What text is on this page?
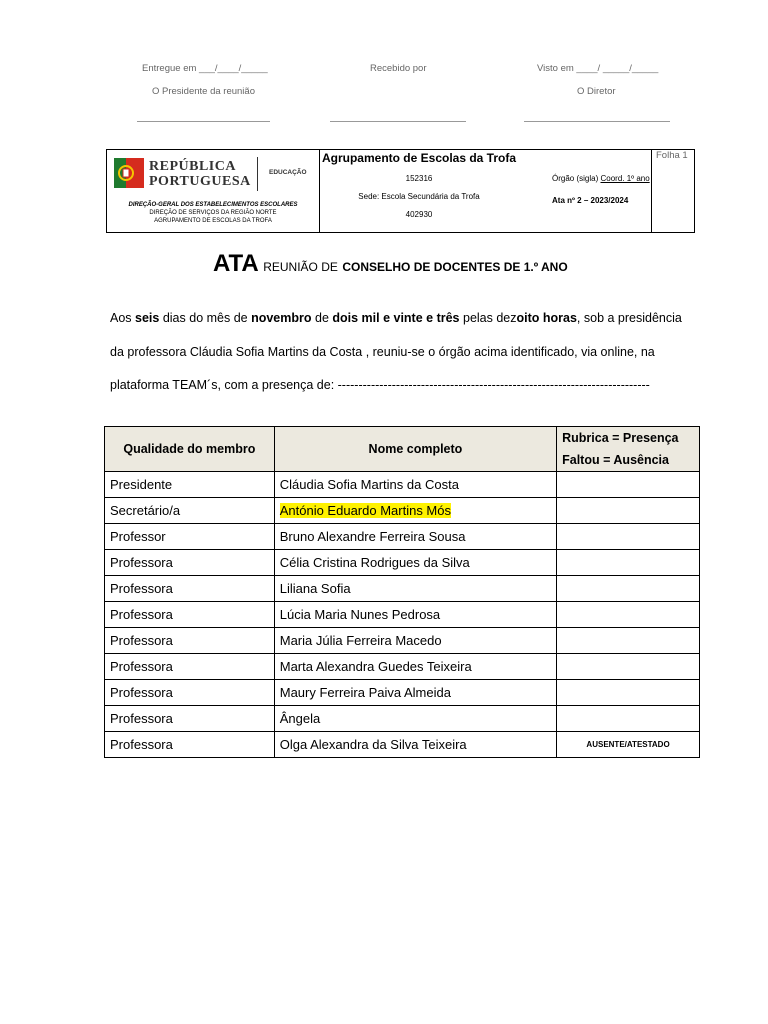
Entregue em ___/____/_____	Recebido por	Visto em ____/ _____/_____
O Presidente da reunião	O Diretor
REPÚBLICA
PORTUGUESA
EDUCAÇÃO
DIREÇÃO-GERAL DOS ESTABELECIMENTOS ESCOLARES
DIREÇÃO DE SERVIÇOS DA REGIÃO NORTE
AGRUPAMENTO DE ESCOLAS DA TROFA
Agrupamento de Escolas da Trofa
152316
Sede: Escola Secundária da Trofa
402930
Órgão (sigla) Coord. 1º ano
Ata nº 2 – 2023/2024
Folha 1
ATA REUNIÃO DE CONSELHO DE DOCENTES DE 1.º ANO
Aos seis dias do mês de novembro de dois mil e vinte e três pelas dezoito horas, sob a presidência
da professora Cláudia Sofia Martins da Costa , reuniu-se o órgão acima identificado, via online, na
plataforma TEAM´s, com a presença de: ---------------------------------------------------------------------------
Qualidade do membro	Nome completo	Rubrica = Presença
Faltou = Ausência

Presidente	Cláudia Sofia Martins da Costa	
Secretário/a	António Eduardo Martins Mós	
Professor	Bruno Alexandre Ferreira Sousa	
Professora	Célia Cristina Rodrigues da Silva	
Professora	Liliana Sofia	
Professora	Lúcia Maria Nunes Pedrosa	
Professora	Maria Júlia Ferreira Macedo	
Professora	Marta Alexandra Guedes Teixeira	
Professora	Maury Ferreira Paiva Almeida	
Professora	Ângela	
Professora	Olga Alexandra da Silva Teixeira	AUSENTE/ATESTADO
